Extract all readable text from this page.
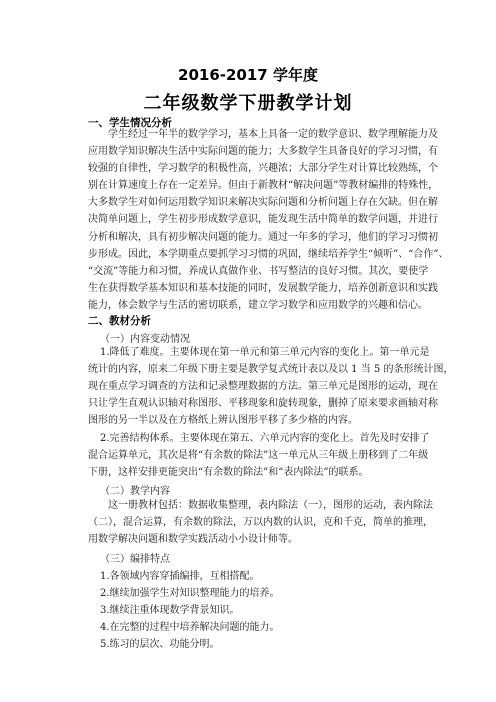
2016-2017 学年度
二年级数学下册教学计划
一、学生情况分析
学生经过一年半的数学学习，基本上具备一定的数学意识、数学理解能力及
应用数学知识解决生活中实际问题的能力；大多数学生具备良好的学习习惯，有
较强的自律性，学习数学的积极性高，兴趣浓；大部分学生对计算比较熟练，个
别在计算速度上存在一定差异。但由于新教材“解决问题”等教材编排的特殊性，
大多数学生对如何运用数学知识来解决实际问题和分析问题上存在欠缺。但在解
决简单问题上，学生初步形成数学意识，能发现生活中简单的数学问题，并进行
分析和解决，具有初步解决问题的能力。通过一年多的学习，他们的学习习惯初
步形成。因此，本学期重点要抓学习习惯的巩固，继续培养学生“倾听”、“合作”、
“交流”等能力和习惯，养成认真做作业、书写整洁的良好习惯。其次，要使学
生在获得数学基本知识和基本技能的同时，发展数学能力，培养创新意识和实践
能力，体会数学与生活的密切联系，建立学习数学和应用数学的兴趣和信心。
二、教材分析
（一）内容变动情况
1.降低了难度。主要体现在第一单元和第三单元内容的变化上。第一单元是
统计的内容，原来二年级下册主要是教学复式统计表以及以 1 当 5 的条形统计图，
现在重点学习调查的方法和记录整理数据的方法。第三单元是图形的运动，现在
只让学生直观认识轴对称图形、平移现象和旋转现象，删掉了原来要求画轴对称
图形的另一半以及在方格纸上辨认图形平移了多少格的内容。
2.完善结构体系。主要体现在第五、六单元内容的变化上。首先及时安排了
混合运算单元，其次是将“有余数的除法”这一单元从三年级上册移到了二年级
下册，这样安排更能突出“有余数的除法”和“表内除法”的联系。
（二）教学内容
这一册教材包括：数据收集整理，表内除法（一），图形的运动，表内除法
（二），混合运算，有余数的除法，万以内数的认识，克和千克，简单的推理，
用数学解决问题和数学实践活动小小设计师等。
（三）编排特点
1.各领域内容穿插编排，互相搭配。
2.继续加强学生对知识整理能力的培养。
3.继续注重体现数学背景知识。
4.在完整的过程中培养解决问题的能力。
5.练习的层次、功能分明。
